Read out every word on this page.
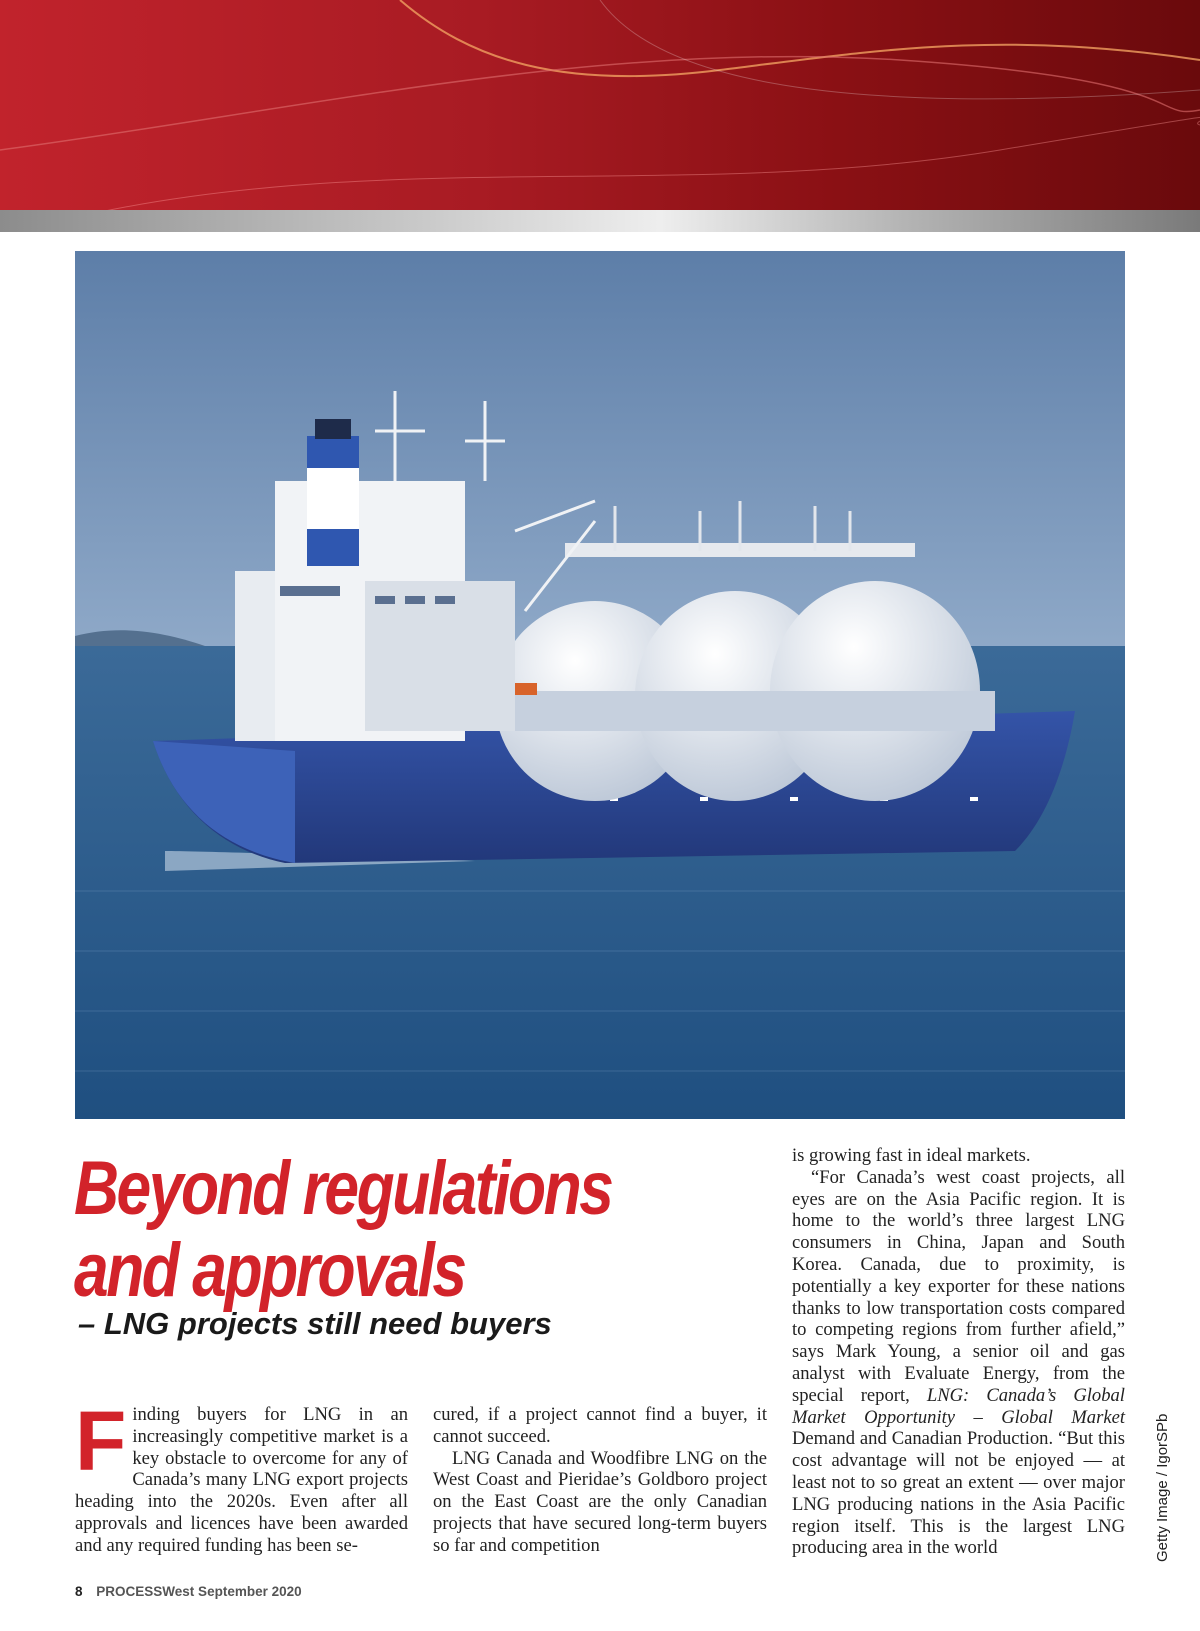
Beyond regulations
and approvals
– LNG projects still need buyers
F inding buyers for LNG in an increasingly competitive market is a key obstacle to overcome for any of Canada’s many LNG export projects heading into the 2020s. Even after all approvals and licences have been awarded and any required funding has been se-

cured, if a project cannot find a buyer, it cannot succeed.

LNG Canada and Woodfibre LNG on the West Coast and Pieridae’s Goldboro project on the East Coast are the only Canadian projects that have secured long-term buyers so far and competition

is growing fast in ideal markets.

“For Canada’s west coast projects, all eyes are on the Asia Pacific region. It is home to the world’s three largest LNG consumers in China, Japan and South Korea. Canada, due to proximity, is potentially a key exporter for these nations thanks to low transportation costs compared to competing regions from further afield,” says Mark Young, a senior oil and gas analyst with Evaluate Energy, from the special report, LNG: Canada’s Global Market Opportunity – Global Market Demand and Canadian Production. “But this cost advantage will not be enjoyed — at least not to so great an extent — over major LNG producing nations in the Asia Pacific region itself. This is the largest LNG producing area in the world	Getty Image / IgorSPb
8 PROCESSWest September 2020
